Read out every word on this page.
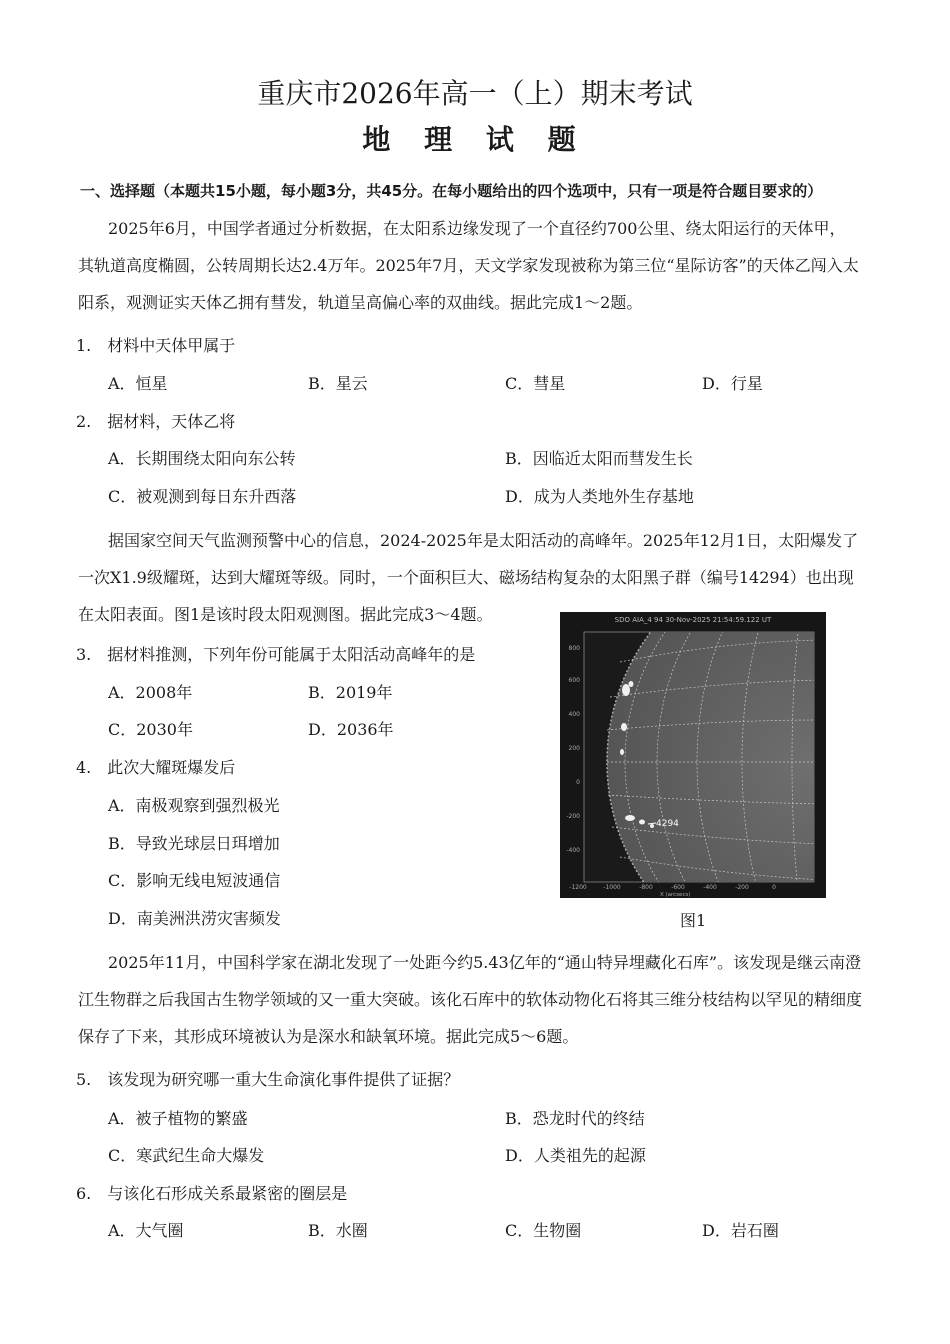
重庆市2026年高一（上）期末考试
地 理 试 题
一、选择题（本题共15小题，每小题3分，共45分。在每小题给出的四个选项中，只有一项是符合题目要求的）
2025年6月，中国学者通过分析数据，在太阳系边缘发现了一个直径约700公里、绕太阳运行的天体甲，
其轨道高度椭圆，公转周期长达2.4万年。2025年7月，天文学家发现被称为第三位“星际访客”的天体乙闯入太
阳系，观测证实天体乙拥有彗发，轨道呈高偏心率的双曲线。据此完成1～2题。
1.　材料中天体甲属于
A．恒星	B．星云	C．彗星	D．行星
2.　据材料，天体乙将
A．长期围绕太阳向东公转	B．因临近太阳而彗发生长
C．被观测到每日东升西落	D．成为人类地外生存基地
据国家空间天气监测预警中心的信息，2024-2025年是太阳活动的高峰年。2025年12月1日，太阳爆发了
一次X1.9级耀斑，达到大耀斑等级。同时，一个面积巨大、磁场结构复杂的太阳黑子群（编号14294）也出现
在太阳表面。图1是该时段太阳观测图。据此完成3～4题。
3.　据材料推测，下列年份可能属于太阳活动高峰年的是
A．2008年	B．2019年
C．2030年	D．2036年
4.　此次大耀斑爆发后
A．南极观察到强烈极光
B．导致光球层日珥增加
C．影响无线电短波通信
D．南美洲洪涝灾害频发
SDO AIA_4 94 30-Nov-2025 21:54:59.122 UT
4294
800
600
400
200
0
-200
-400
-1200	-1000	-800	-600	-400	-200	0
X (arcsecs)
图1
2025年11月，中国科学家在湖北发现了一处距今约5.43亿年的“通山特异埋藏化石库”。该发现是继云南澄
江生物群之后我国古生物学领域的又一重大突破。该化石库中的软体动物化石将其三维分枝结构以罕见的精细度
保存了下来，其形成环境被认为是深水和缺氧环境。据此完成5～6题。
5.　该发现为研究哪一重大生命演化事件提供了证据？
A．被子植物的繁盛	B．恐龙时代的终结
C．寒武纪生命大爆发	D．人类祖先的起源
6.　与该化石形成关系最紧密的圈层是
A．大气圈	B．水圈	C．生物圈	D．岩石圈
